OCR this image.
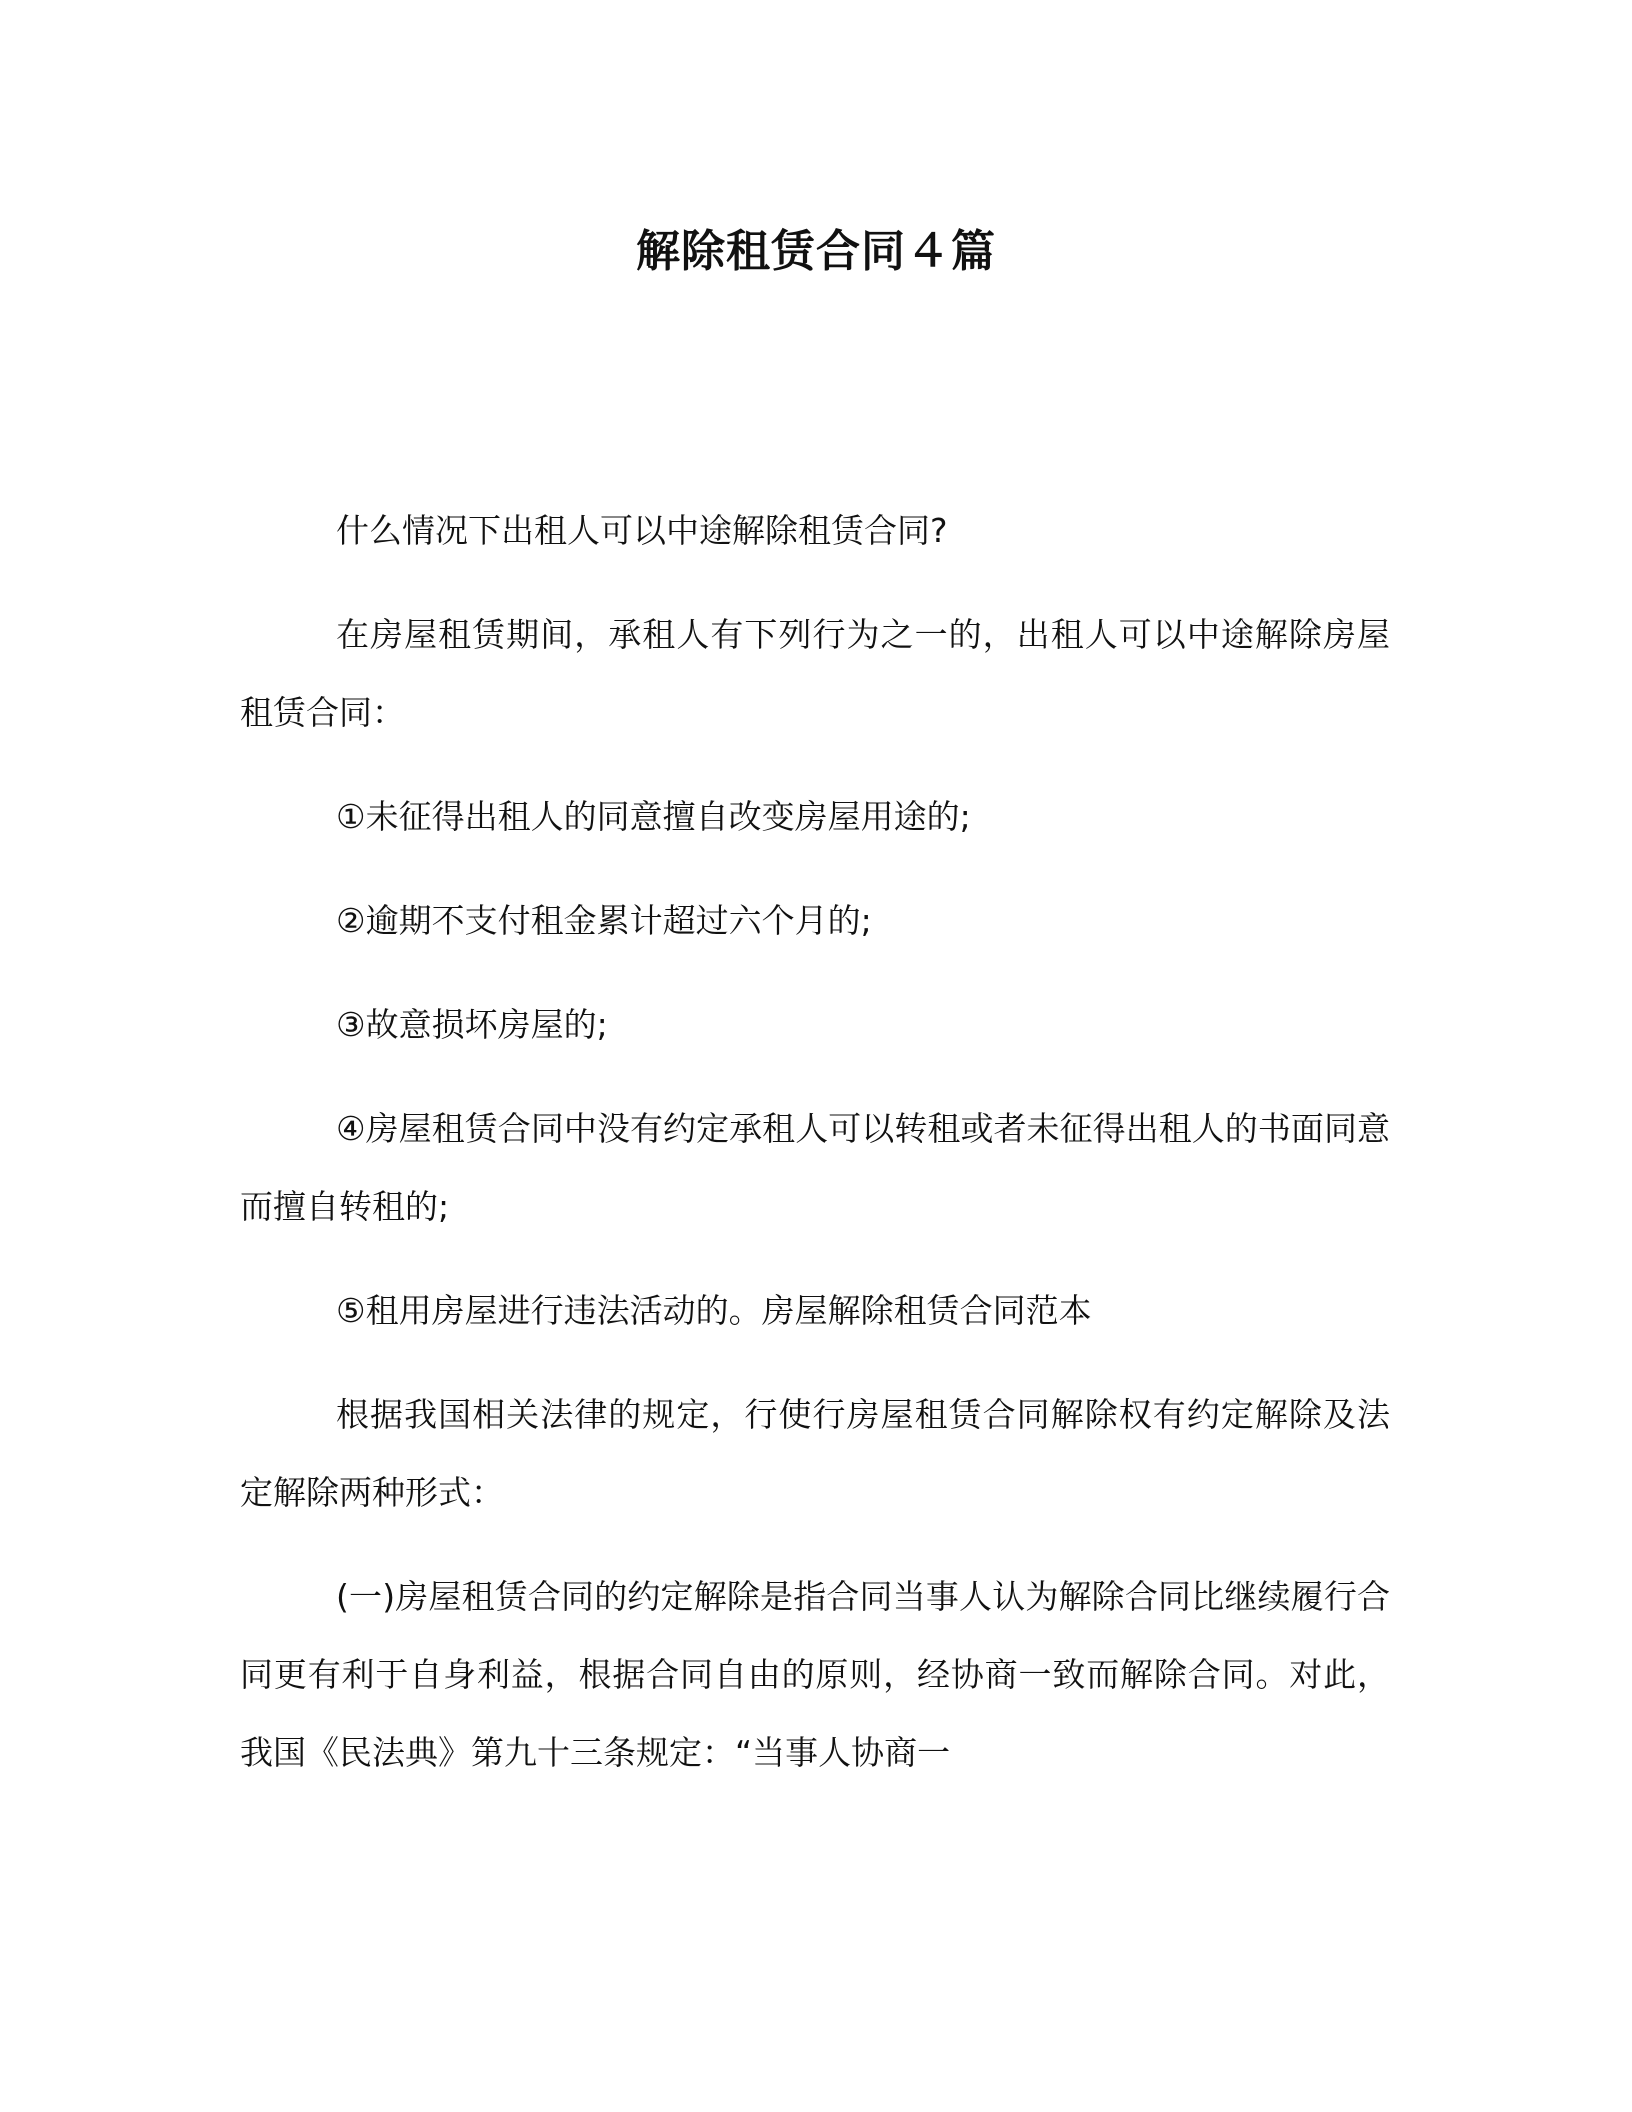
解除租赁合同４篇

什么情况下出租人可以中途解除租赁合同?

在房屋租赁期间，承租人有下列行为之一的，出租人可以中途解除房屋租赁合同：

①未征得出租人的同意擅自改变房屋用途的;

②逾期不支付租金累计超过六个月的;

③故意损坏房屋的;

④房屋租赁合同中没有约定承租人可以转租或者未征得出租人的书面同意而擅自转租的;

⑤租用房屋进行违法活动的。房屋解除租赁合同范本

根据我国相关法律的规定，行使行房屋租赁合同解除权有约定解除及法定解除两种形式：

(一)房屋租赁合同的约定解除是指合同当事人认为解除合同比继续履行合同更有利于自身利益，根据合同自由的原则，经协商一致而解除合同。对此，我国《民法典》第九十三条规定：“当事人协商一
